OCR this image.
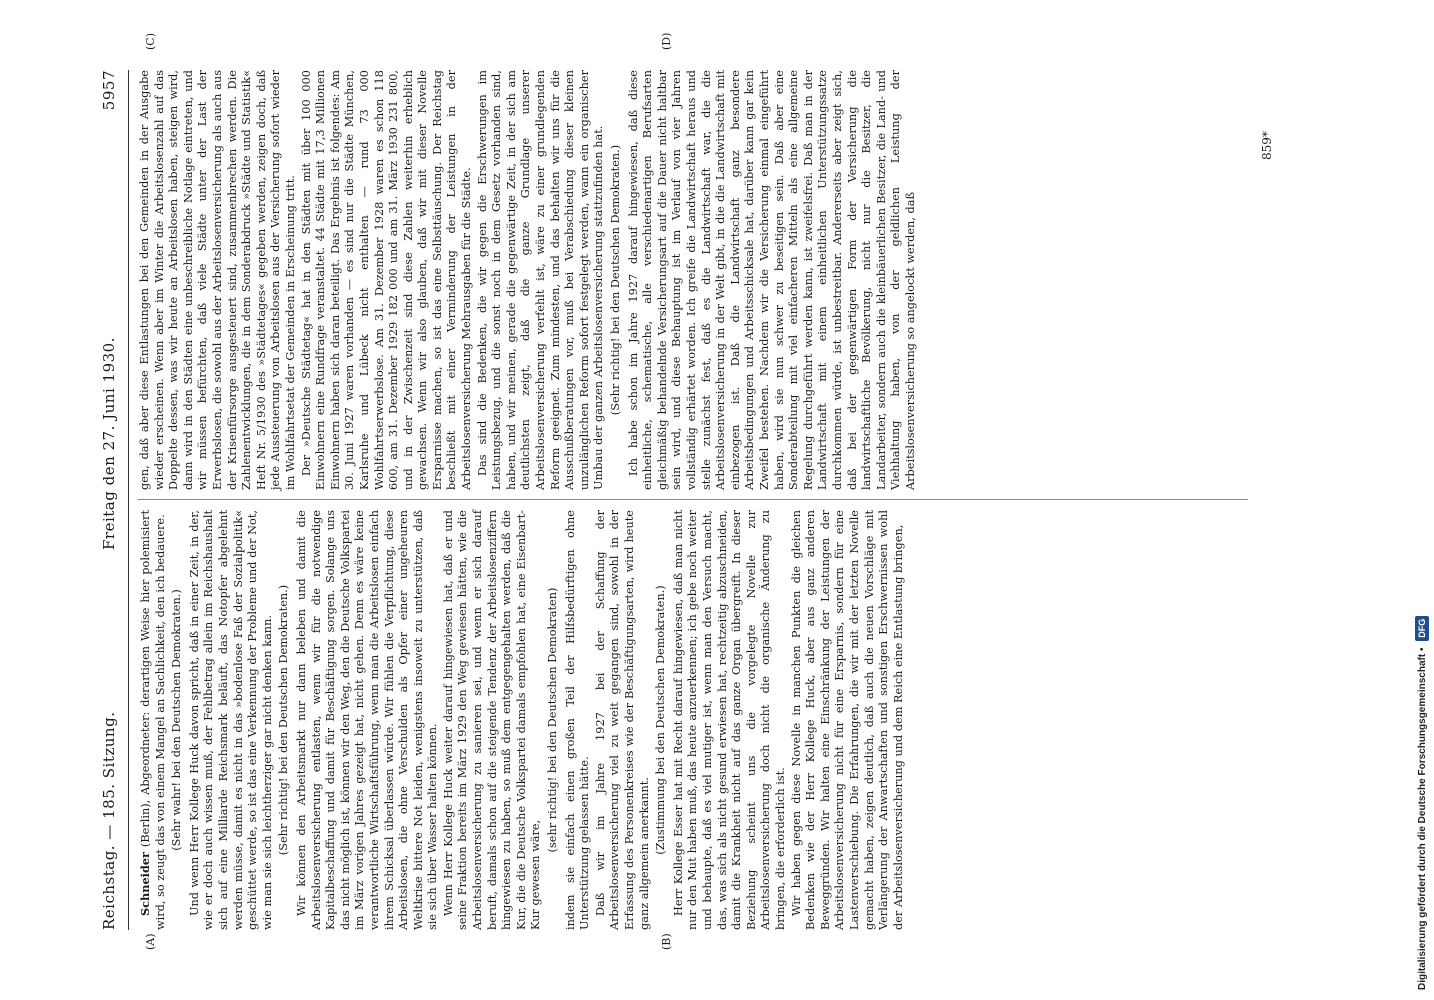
Reichstag. — 185. Sitzung.
Freitag den 27. Juni 1930.
5957
(A)	(B)
(C)	(D)

Schneider (Berlin), Abgeordneter: derartigen Weise hier polemisiert wird, so zeugt das von einem Mangel an Sachlichkeit, den ich bedauere. (Sehr wahr! bei den Deutschen Demokraten.) Und wenn Herr Kollege Huck davon spricht, daß in einer Zeit, in der, wie er doch auch wissen muß, der Fehlbetrag allein im Reichshaushalt sich auf eine Milliarde Reichsmark beläuft, das Notopfer abgelehnt werden müsse, damit es nicht in das »bodenlose Faß der Sozialpolitik« geschüttet werde, so ist das eine Verkennung der Probleme und der Not, wie man sie sich leichtherziger gar nicht denken kann. (Sehr richtig! bei den Deutschen Demokraten.) Wir können den Arbeitsmarkt nur dann beleben und damit die Arbeitslosenversicherung entlasten, wenn wir für die notwendige Kapitalbeschaffung und damit für Beschäftigung sorgen. Solange uns das nicht möglich ist, können wir den Weg, den die Deutsche Volkspartei im März vorigen Jahres gezeigt hat, nicht gehen. Denn es wäre keine verantwortliche Wirtschaftsführung, wenn man die Arbeitslosen einfach ihrem Schicksal überlassen würde. Wir fühlen die Verpflichtung, diese Arbeitslosen, die ohne Verschulden als Opfer einer ungeheuren Weltkrise bittere Not leiden, wenigstens insoweit zu unterstützen, daß sie sich über Wasser halten können. Wenn Herr Kollege Huck weiter darauf hingewiesen hat, daß er und seine Fraktion bereits im März 1929 den Weg gewiesen hätten, wie die Arbeitslosenversicherung zu sanieren sei, und wenn er sich darauf beruft, damals schon auf die steigende Tendenz der Arbeitslosenziffern hingewiesen zu haben, so muß dem entgegengehalten werden, daß die Kur, die die Deutsche Volkspartei damals empfohlen hat, eine Eisenbart-Kur gewesen wäre,

(sehr richtig! bei den Deutschen Demokraten) indem sie einfach einen großen Teil der Hilfsbedürftigen ohne Unterstützung gelassen hätte. Daß wir im Jahre 1927 bei der Schaffung der Arbeitslosenversicherung viel zu weit gegangen sind, sowohl in der Erfassung des Personenkreises wie der Beschäftigungsarten, wird heute ganz allgemein anerkannt. (Zustimmung bei den Deutschen Demokraten.) Herr Kollege Esser hat mit Recht darauf hingewiesen, daß man nicht nur den Mut haben muß, das heute anzuerkennen; ich gebe noch weiter und behaupte, daß es viel mutiger ist, wenn man den Versuch macht, das, was sich als nicht gesund erwiesen hat, rechtzeitig abzuschneiden, damit die Krankheit nicht auf das ganze Organ übergreift. In dieser Beziehung scheint uns die vorgelegte Novelle zur Arbeitslosenversicherung doch nicht die organische Änderung zu bringen, die erforderlich ist. Wir haben gegen diese Novelle in manchen Punkten die gleichen Bedenken wie der Herr Kollege Huck, aber aus ganz anderen Beweggründen. Wir halten eine Einschränkung der Leistungen der Arbeitslosenversicherung nicht für eine Ersparnis, sondern für eine Lastenverschiebung. Die Erfahrungen, die wir mit der letzten Novelle gemacht haben, zeigen deutlich, daß auch die neuen Vorschläge mit Verlängerung der Anwartschaften und sonstigen Erschwernissen wohl der Arbeitslosenversicherung und dem Reich eine Entlastung bringen,

gen, daß aber diese Entlastungen bei den Gemeinden in der Ausgabe wieder erscheinen. Wenn aber im Winter die Arbeitslosenzahl auf das Doppelte dessen, was wir heute an Arbeitslosen haben, steigen wird, dann wird in den Städten eine unbeschreibliche Notlage eintreten, und wir müssen befürchten, daß viele Städte unter der Last der Erwerbslosen, die sowohl aus der Arbeitslosenversicherung als auch aus der Krisenfürsorge ausgesteuert sind, zusammenbrechen werden. Die Zahlenentwicklungen, die in dem Sonderabdruck »Städte und Statistik« Heft Nr. 5/1930 des »Städtetages« gegeben werden, zeigen doch, daß jede Aussteuerung von Arbeitslosen aus der Versicherung sofort wieder im Wohlfahrtsetat der Gemeinden in Erscheinung tritt. Der »Deutsche Städtetag« hat in den Städten mit über 100 000 Einwohnern eine Rundfrage veranstaltet. 44 Städte mit 17,3 Millionen Einwohnern haben sich daran beteiligt. Das Ergebnis ist folgendes: Am 30. Juni 1927 waren vorhanden — es sind nur die Städte München, Karlsruhe und Lübeck nicht enthalten — rund 73 000 Wohlfahrtserwerbslose. Am 31. Dezember 1928 waren es schon 118 600, am 31. Dezember 1929 182 000 und am 31. März 1930 231 800, und in der Zwischenzeit sind diese Zahlen weiterhin erheblich gewachsen. Wenn wir also glauben, daß wir mit dieser Novelle Ersparnisse machen, so ist das eine Selbsttäuschung. Der Reichstag beschließt mit einer Verminderung der Leistungen in der Arbeitslosenversicherung Mehrausgaben für die Städte. Das sind die Bedenken, die wir gegen die Erschwerungen im Leistungsbezug, und die sonst noch in dem Gesetz vorhanden sind, haben, und wir meinen, gerade die gegenwärtige Zeit, in der sich am deutlichsten zeigt, daß die ganze Grundlage unserer Arbeitslosenversicherung verfehlt ist, wäre zu einer grundlegenden Reform geeignet. Zum mindesten, und das behalten wir uns für die Ausschußberatungen vor, muß bei Verabschiedung dieser kleinen unzulänglichen Reform sofort festgelegt werden, wann ein organischer Umbau der ganzen Arbeitslosenversicherung stattzufinden hat. (Sehr richtig! bei den Deutschen Demokraten.) Ich habe schon im Jahre 1927 darauf hingewiesen, daß diese einheitliche, schematische, alle verschiedenartigen Berufsarten gleichmäßig behandelnde Versicherungsart auf die Dauer nicht haltbar sein wird, und diese Behauptung ist im Verlauf von vier Jahren vollständig erhärtet worden. Ich greife die Landwirtschaft heraus und stelle zunächst fest, daß es die Landwirtschaft war, die die Arbeitslosenversicherung in der Welt gibt, in die die Landwirtschaft mit einbezogen ist. Daß die Landwirtschaft ganz besondere Arbeitsbedingungen und Arbeitsschicksale hat, darüber kann gar kein Zweifel bestehen. Nachdem wir die Versicherung einmal eingeführt haben, wird sie nun schwer zu beseitigen sein. Daß aber eine Sonderabteilung mit viel einfacheren Mitteln als eine allgemeine Regelung durchgeführt werden kann, ist zweifelsfrei. Daß man in der Landwirtschaft mit einem einheitlichen Unterstützungssatze durchkommen würde, ist unbestreitbar. Andererseits aber zeigt sich, daß bei der gegenwärtigen Form der Versicherung die landwirtschaftliche Bevölkerung, nicht nur die Besitzer, die Landarbeiter, sondern auch die kleinbäuerlichen Besitzer, die Land- und Viehhaltung haben, von der geldlichen Leistung der Arbeitslosenversicherung so angelockt werden, daß

859*
Digitalisierung gefördert durch die Deutsche Forschungsgemeinschaft • DFG
